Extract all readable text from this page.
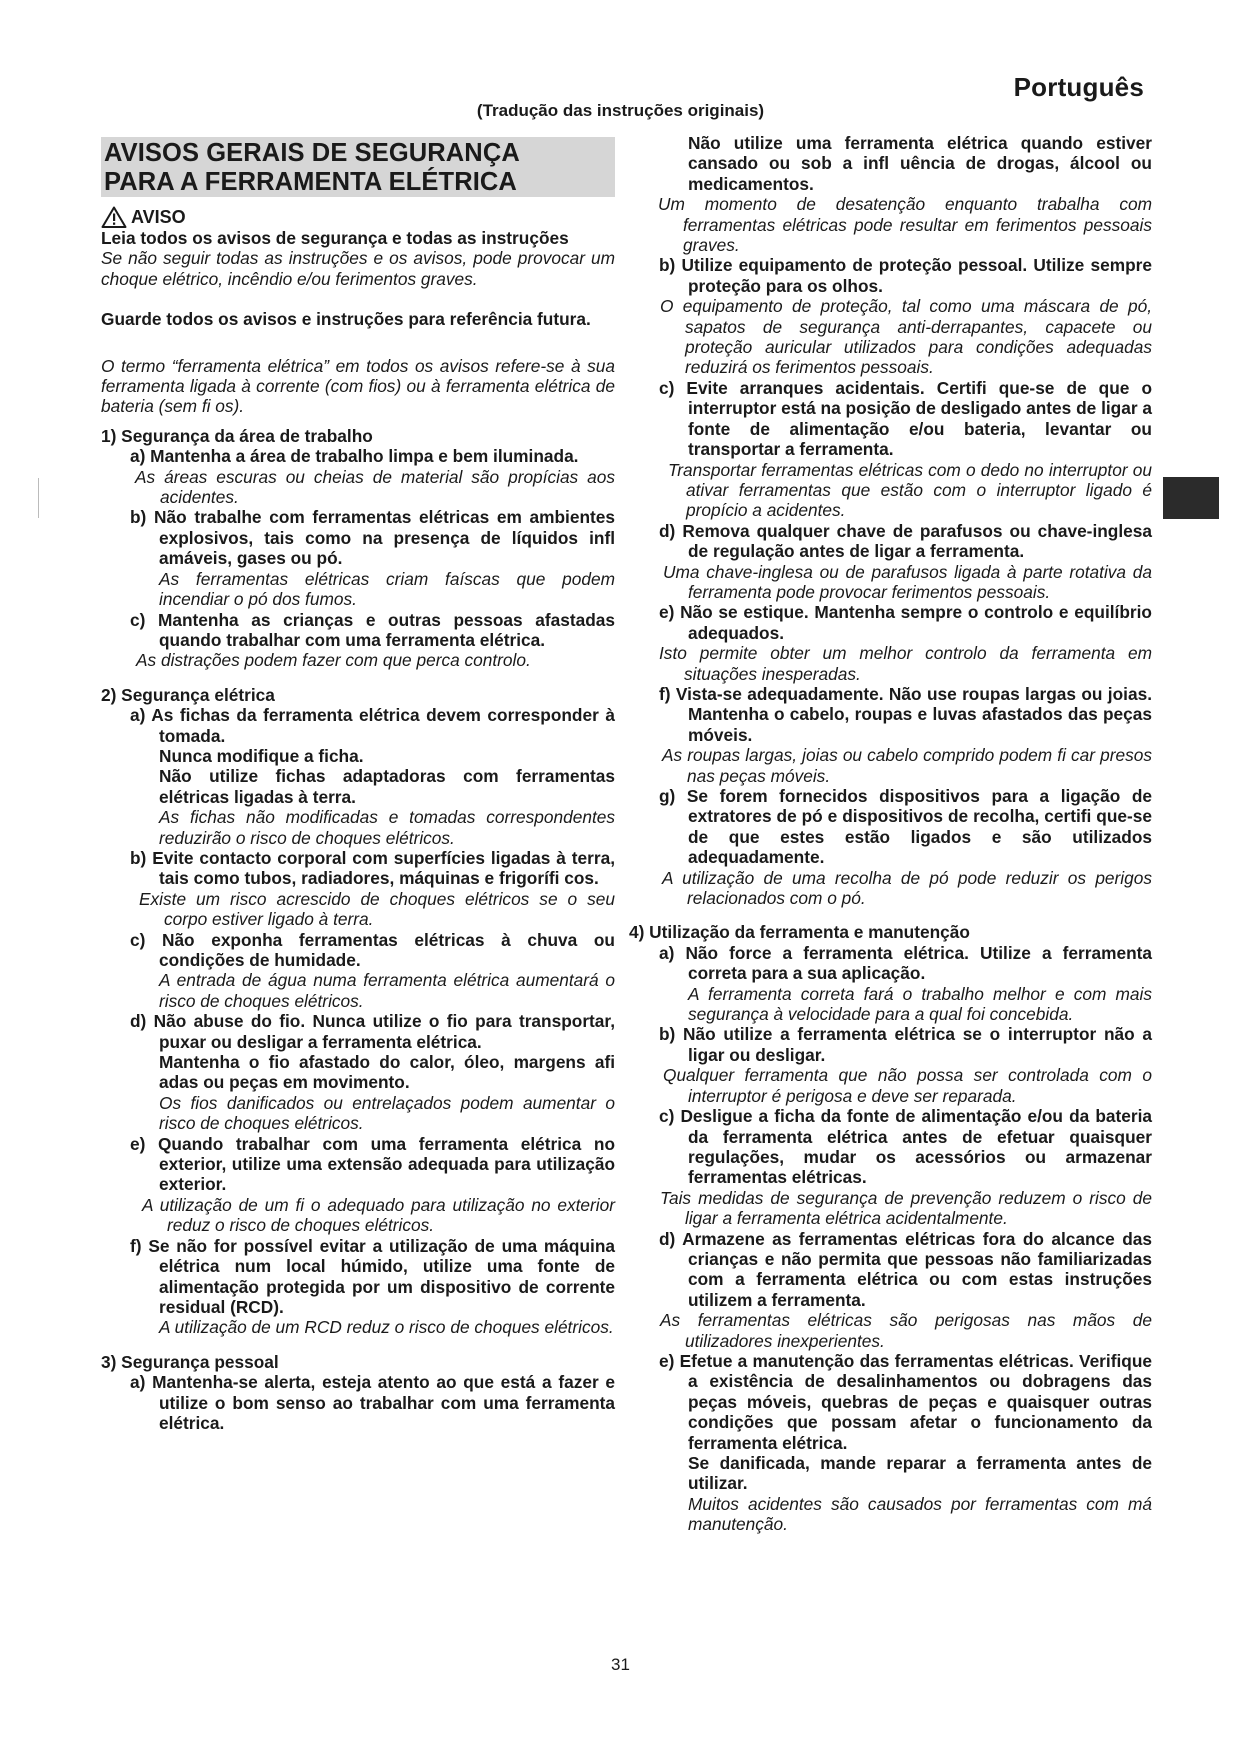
Português
(Tradução das instruções originais)
AVISOS GERAIS DE SEGURANÇA
PARA A FERRAMENTA ELÉTRICA
AVISO
Leia todos os avisos de segurança e todas as instruções
Se não seguir todas as instruções e os avisos, pode provocar um choque elétrico, incêndio e/ou ferimentos graves.
Guarde todos os avisos e instruções para referência futura.
O termo “ferramenta elétrica” em todos os avisos refere-se à sua ferramenta ligada à corrente (com fios) ou à ferramenta elétrica de bateria (sem fi os).
1) Segurança da área de trabalho
a) Mantenha a área de trabalho limpa e bem iluminada.
As áreas escuras ou cheias de material são propícias aos acidentes.
b) Não trabalhe com ferramentas elétricas em ambientes explosivos, tais como na presença de líquidos infl amáveis, gases ou pó.
As ferramentas elétricas criam faíscas que podem incendiar o pó dos fumos.
c) Mantenha as crianças e outras pessoas afastadas quando trabalhar com uma ferramenta elétrica.
As distrações podem fazer com que perca controlo.
2) Segurança elétrica
a) As fichas da ferramenta elétrica devem corresponder à tomada.
Nunca modifique a ficha.
Não utilize fichas adaptadoras com ferramentas elétricas ligadas à terra.
As fichas não modificadas e tomadas correspondentes reduzirão o risco de choques elétricos.
b) Evite contacto corporal com superfícies ligadas à terra, tais como tubos, radiadores, máquinas e frigorífi cos.
Existe um risco acrescido de choques elétricos se o seu corpo estiver ligado à terra.
c) Não exponha ferramentas elétricas à chuva ou condições de humidade.
A entrada de água numa ferramenta elétrica aumentará o risco de choques elétricos.
d) Não abuse do fio. Nunca utilize o fio para transportar, puxar ou desligar a ferramenta elétrica.
Mantenha o fio afastado do calor, óleo, margens afi adas ou peças em movimento.
Os fios danificados ou entrelaçados podem aumentar o risco de choques elétricos.
e) Quando trabalhar com uma ferramenta elétrica no exterior, utilize uma extensão adequada para utilização exterior.
A utilização de um fi o adequado para utilização no exterior reduz o risco de choques elétricos.
f) Se não for possível evitar a utilização de uma máquina elétrica num local húmido, utilize uma fonte de alimentação protegida por um dispositivo de corrente residual (RCD).
A utilização de um RCD reduz o risco de choques elétricos.
3) Segurança pessoal
a) Mantenha-se alerta, esteja atento ao que está a fazer e utilize o bom senso ao trabalhar com uma ferramenta elétrica.
Não utilize uma ferramenta elétrica quando estiver cansado ou sob a infl uência de drogas, álcool ou medicamentos.
Um momento de desatenção enquanto trabalha com ferramentas elétricas pode resultar em ferimentos pessoais graves.
b) Utilize equipamento de proteção pessoal. Utilize sempre proteção para os olhos.
O equipamento de proteção, tal como uma máscara de pó, sapatos de segurança anti-derrapantes, capacete ou proteção auricular utilizados para condições adequadas reduzirá os ferimentos pessoais.
c) Evite arranques acidentais. Certifi que-se de que o interruptor está na posição de desligado antes de ligar a fonte de alimentação e/ou bateria, levantar ou transportar a ferramenta.
Transportar ferramentas elétricas com o dedo no interruptor ou ativar ferramentas que estão com o interruptor ligado é propício a acidentes.
d) Remova qualquer chave de parafusos ou chave-inglesa de regulação antes de ligar a ferramenta.
Uma chave-inglesa ou de parafusos ligada à parte rotativa da ferramenta pode provocar ferimentos pessoais.
e) Não se estique. Mantenha sempre o controlo e equilíbrio adequados.
Isto permite obter um melhor controlo da ferramenta em situações inesperadas.
f) Vista-se adequadamente. Não use roupas largas ou joias. Mantenha o cabelo, roupas e luvas afastados das peças móveis.
As roupas largas, joias ou cabelo comprido podem fi car presos nas peças móveis.
g) Se forem fornecidos dispositivos para a ligação de extratores de pó e dispositivos de recolha, certifi que-se de que estes estão ligados e são utilizados adequadamente.
A utilização de uma recolha de pó pode reduzir os perigos relacionados com o pó.
4) Utilização da ferramenta e manutenção
a) Não force a ferramenta elétrica. Utilize a ferramenta correta para a sua aplicação.
A ferramenta correta fará o trabalho melhor e com mais segurança à velocidade para a qual foi concebida.
b) Não utilize a ferramenta elétrica se o interruptor não a ligar ou desligar.
Qualquer ferramenta que não possa ser controlada com o interruptor é perigosa e deve ser reparada.
c) Desligue a ficha da fonte de alimentação e/ou da bateria da ferramenta elétrica antes de efetuar quaisquer regulações, mudar os acessórios ou armazenar ferramentas elétricas.
Tais medidas de segurança de prevenção reduzem o risco de ligar a ferramenta elétrica acidentalmente.
d) Armazene as ferramentas elétricas fora do alcance das crianças e não permita que pessoas não familiarizadas com a ferramenta elétrica ou com estas instruções utilizem a ferramenta.
As ferramentas elétricas são perigosas nas mãos de utilizadores inexperientes.
e) Efetue a manutenção das ferramentas elétricas. Verifique a existência de desalinhamentos ou dobragens das peças móveis, quebras de peças e quaisquer outras condições que possam afetar o funcionamento da ferramenta elétrica.
Se danificada, mande reparar a ferramenta antes de utilizar.
Muitos acidentes são causados por ferramentas com má manutenção.
31
